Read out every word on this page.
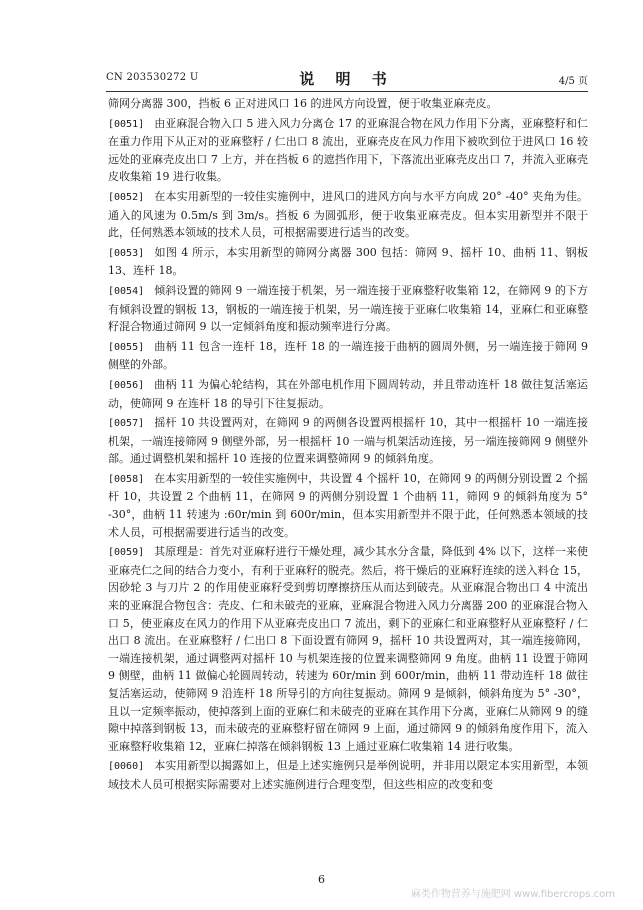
CN 203530272 U	说 明 书	4/5 页
筛网分离器 300，挡板 6 正对进风口 16 的进风方向设置，便于收集亚麻壳皮。
[0051] 由亚麻混合物入口 5 进入风力分离仓 17 的亚麻混合物在风力作用下分离，亚麻整籽和仁在重力作用下从正对的亚麻整籽 / 仁出口 8 流出，亚麻壳皮在风力作用下被吹到位于进风口 16 较远处的亚麻壳皮出口 7 上方，并在挡板 6 的遮挡作用下，下落流出亚麻壳皮出口 7，并流入亚麻壳皮收集箱 19 进行收集。
[0052] 在本实用新型的一较佳实施例中，进风口的进风方向与水平方向成 20° -40° 夹角为佳。通入的风速为 0.5m/s 到 3m/s。挡板 6 为圆弧形，便于收集亚麻壳皮。但本实用新型并不限于此，任何熟悉本领域的技术人员，可根据需要进行适当的改变。
[0053] 如图 4 所示，本实用新型的筛网分离器 300 包括：筛网 9、摇杆 10、曲柄 11、钢板 13、连杆 18。
[0054] 倾斜设置的筛网 9 一端连接于机架，另一端连接于亚麻整籽收集箱 12，在筛网 9 的下方有倾斜设置的钢板 13，钢板的一端连接于机架，另一端连接于亚麻仁收集箱 14，亚麻仁和亚麻整籽混合物通过筛网 9 以一定倾斜角度和振动频率进行分离。
[0055] 曲柄 11 包含一连杆 18，连杆 18 的一端连接于曲柄的圆周外侧，另一端连接于筛网 9 侧壁的外部。
[0056] 曲柄 11 为偏心轮结构，其在外部电机作用下圆周转动，并且带动连杆 18 做往复活塞运动，使筛网 9 在连杆 18 的导引下往复振动。
[0057] 摇杆 10 共设置两对，在筛网 9 的两侧各设置两根摇杆 10，其中一根摇杆 10 一端连接机架，一端连接筛网 9 侧壁外部，另一根摇杆 10 一端与机架活动连接，另一端连接筛网 9 侧壁外部。通过调整机架和摇杆 10 连接的位置来调整筛网 9 的倾斜角度。
[0058] 在本实用新型的一较佳实施例中，共设置 4 个摇杆 10，在筛网 9 的两侧分别设置 2 个摇杆 10，共设置 2 个曲柄 11，在筛网 9 的两侧分别设置 1 个曲柄 11，筛网 9 的倾斜角度为 5° -30°，曲柄 11 转速为 :60r/min 到 600r/min，但本实用新型并不限于此，任何熟悉本领域的技术人员，可根据需要进行适当的改变。
[0059] 其原理是：首先对亚麻籽进行干燥处理，减少其水分含量，降低到 4% 以下，这样一来使亚麻壳仁之间的结合力变小，有利于亚麻籽的脱壳。然后，将干燥后的亚麻籽连续的送入料仓 15，因砂轮 3 与刀片 2 的作用使亚麻籽受到剪切摩擦挤压从而达到破壳。从亚麻混合物出口 4 中流出来的亚麻混合物包含：壳皮、仁和未破壳的亚麻，亚麻混合物进入风力分离器 200 的亚麻混合物入口 5，使亚麻皮在风力的作用下从亚麻壳皮出口 7 流出，剩下的亚麻仁和亚麻整籽从亚麻整籽 / 仁出口 8 流出。在亚麻整籽 / 仁出口 8 下面设置有筛网 9，摇杆 10 共设置两对，其一端连接筛网，一端连接机架，通过调整两对摇杆 10 与机架连接的位置来调整筛网 9 角度。曲柄 11 设置于筛网 9 侧壁，曲柄 11 做偏心轮圆周转动，转速为 60r/min 到 600r/min，曲柄 11 带动连杆 18 做往复活塞运动，使筛网 9 沿连杆 18 所导引的方向往复振动。筛网 9 是倾斜，倾斜角度为 5° -30°，且以一定频率振动，使掉落到上面的亚麻仁和未破壳的亚麻在其作用下分离，亚麻仁从筛网 9 的缝隙中掉落到钢板 13，而未破壳的亚麻整籽留在筛网 9 上面，通过筛网 9 的倾斜角度作用下，流入亚麻整籽收集箱 12，亚麻仁掉落在倾斜钢板 13 上通过亚麻仁收集箱 14 进行收集。
[0060] 本实用新型以揭露如上，但是上述实施例只是举例说明，并非用以限定本实用新型，本领域技术人员可根据实际需要对上述实施例进行合理变型，但这些相应的改变和变
6
麻类作物营养与施肥网 www.fibercrops.com
